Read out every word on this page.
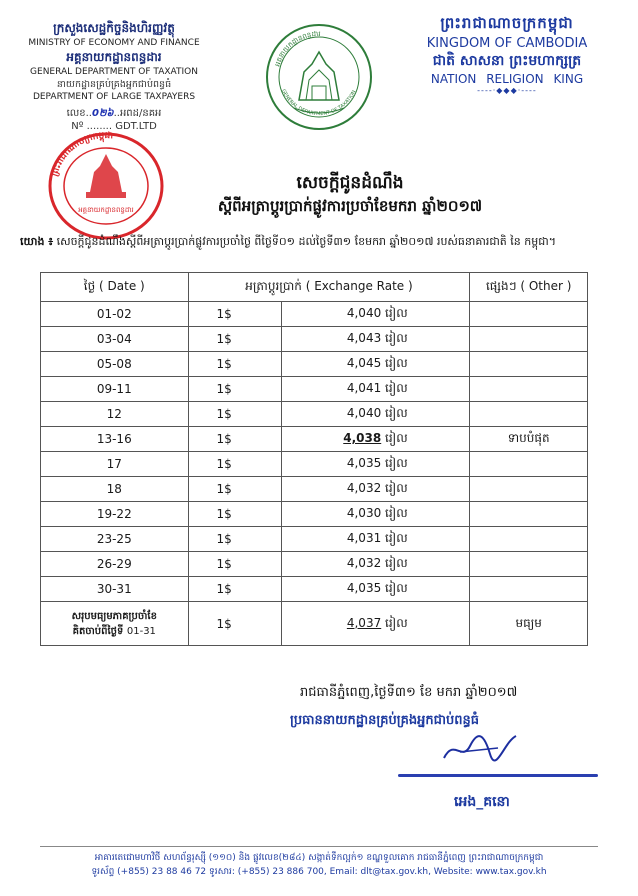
ក្រសួងសេដ្ឋកិច្ចនិងហិរញ្ញវត្ថុ
MINISTRY OF ECONOMY AND FINANCE
អគ្គនាយកដ្ឋានពន្ធដារ
GENERAL DEPARTMENT OF TAXATION
នាយកដ្ឋានគ្រប់គ្រងអ្នកជាប់ពន្ធធំ
DEPARTMENT OF LARGE TAXPAYERS
លេខ..0២៦..អពដ/នគអ
Nº ........ GDT.LTD
អគ្គនាយកដ្ឋានពន្ធដារ
GENERAL DEPARTMENT OF TAXATION
ព្រះរាជាណាចក្រកម្ពុជា
KINGDOM OF CAMBODIA
ជាតិ សាសនា ព្រះមហាក្សត្រ
NATION RELIGION KING
----·◆◆◆·----
ព្រះរាជាណាចក្រកម្ពុជា
អគ្គនាយកដ្ឋានពន្ធដារ
សេចក្តីជូនដំណឹង
ស្តីពីអត្រាប្តូរប្រាក់ផ្លូវការប្រចាំខែមករា ឆ្នាំ២០១៧
យោង ៖ សេចក្តីជូនដំណឹងស្តីពីអត្រាប្តូរប្រាក់ផ្លូវការប្រចាំថ្ងៃ ពីថ្ងៃទី០១ ដល់ថ្ងៃទី៣១ ខែមករា ឆ្នាំ២០១៧ របស់ធនាគារជាតិ នៃ កម្ពុជា។
ថ្ងៃ ( Date )	អត្រាប្តូរប្រាក់ ( Exchange Rate )		ផ្សេងៗ ( Other )
01-02	1$	4,040 រៀល	
03-04	1$	4,043 រៀល	
05-08	1$	4,045 រៀល	
09-11	1$	4,041 រៀល	
12	1$	4,040 រៀល	
13-16	1$	4,038 រៀល	ទាបបំផុត
17	1$	4,035 រៀល	
18	1$	4,032 រៀល	
19-22	1$	4,030 រៀល	
23-25	1$	4,031 រៀល	
26-29	1$	4,032 រៀល	
30-31	1$	4,035 រៀល	

សរុបមធ្យមភាគប្រចាំខែ
គិតចាប់ពីថ្ងៃទី 01-31	1$	4,037 រៀល	មធ្យម
រាជធានីភ្នំពេញ,ថ្ងៃទី៣១ ខែ មករា ឆ្នាំ២០១៧
ប្រធាននាយកដ្ឋានគ្រប់គ្រងអ្នកជាប់ពន្ធធំ
អេង_គនោ
អាគារតេជោមហាវិថី សហព័ន្ធរុស្ស៊ី (១១០) និង ផ្លូវលេខ(២៨៤) សង្កាត់ទឹកល្អក់១ ខណ្ឌទួលគោក រាជធានីភ្នំពេញ ព្រះរាជាណាចក្រកម្ពុជា
ទូរស័ព្ទ (+855) 23 88 46 72 ទូរសារ: (+855) 23 886 700, Email: dlt@tax.gov.kh, Website: www.tax.gov.kh
